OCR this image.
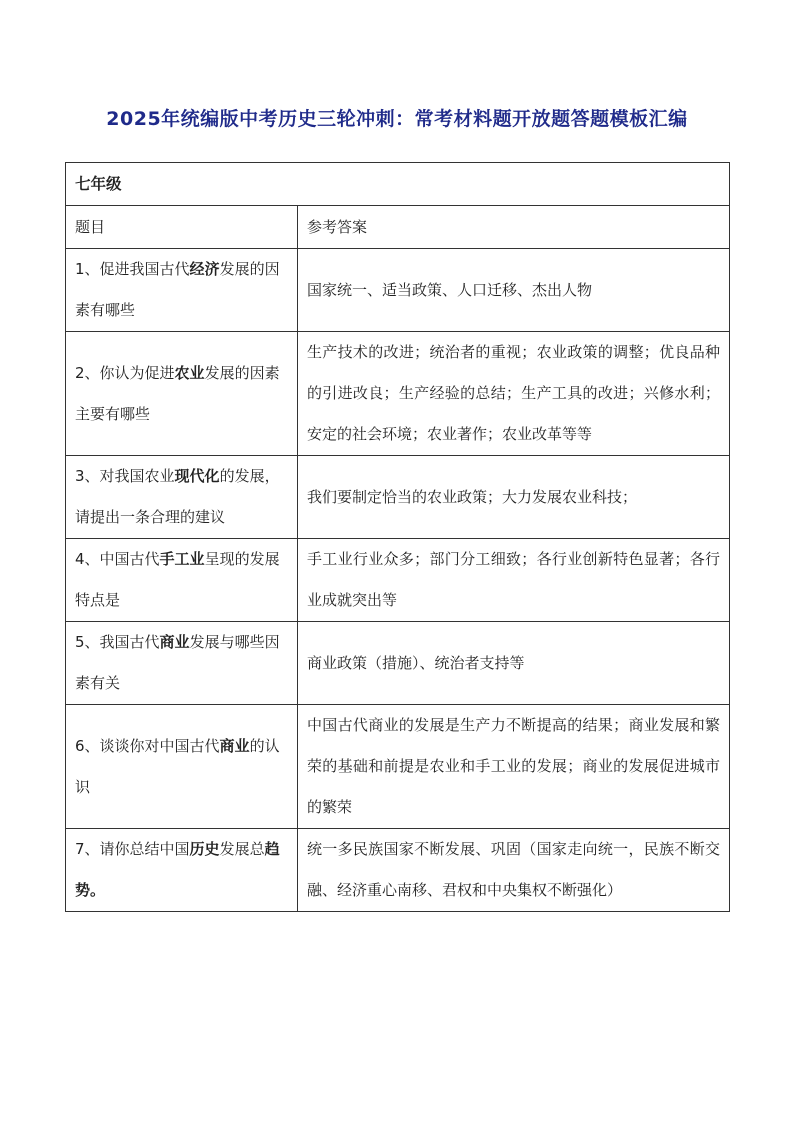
2025年统编版中考历史三轮冲刺：常考材料题开放题答题模板汇编
七年级	
题目	参考答案
1、促进我国古代经济发展的因素有哪些	国家统一、适当政策、人口迁移、杰出人物
2、你认为促进农业发展的因素主要有哪些	生产技术的改进；统治者的重视；农业政策的调整；优良品种的引进改良；生产经验的总结；生产工具的改进；兴修水利；安定的社会环境；农业著作；农业改革等等
3、对我国农业现代化的发展，请提出一条合理的建议	我们要制定恰当的农业政策；大力发展农业科技；
4、中国古代手工业呈现的发展特点是	手工业行业众多；部门分工细致；各行业创新特色显著；各行业成就突出等
5、我国古代商业发展与哪些因素有关	商业政策（措施）、统治者支持等
6、谈谈你对中国古代商业的认识	中国古代商业的发展是生产力不断提高的结果；商业发展和繁荣的基础和前提是农业和手工业的发展；商业的发展促进城市的繁荣
7、请你总结中国历史发展总趋势。	统一多民族国家不断发展、巩固（国家走向统一，民族不断交融、经济重心南移、君权和中央集权不断强化）
